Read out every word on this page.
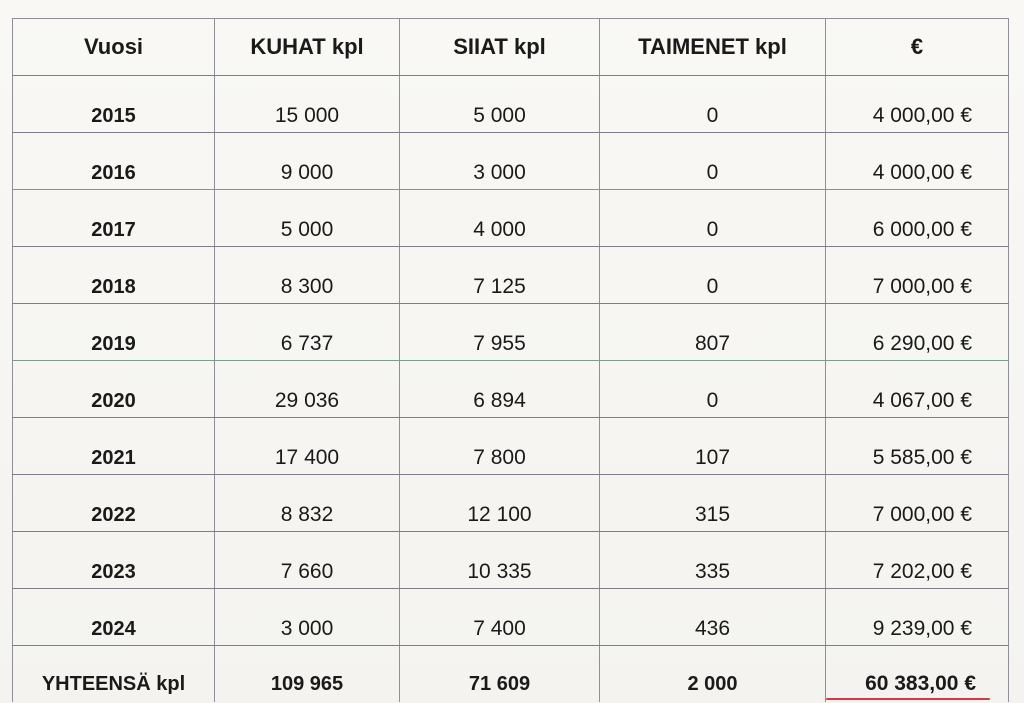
Vuosi	KUHAT kpl	SIIAT kpl	TAIMENET kpl	€
2015	15 000	5 000	0	4 000,00 €
2016	9 000	3 000	0	4 000,00 €
2017	5 000	4 000	0	6 000,00 €
2018	8 300	7 125	0	7 000,00 €
2019	6 737	7 955	807	6 290,00 €
2020	29 036	6 894	0	4 067,00 €
2021	17 400	7 800	107	5 585,00 €
2022	8 832	12 100	315	7 000,00 €
2023	7 660	10 335	335	7 202,00 €
2024	3 000	7 400	436	9 239,00 €
YHTEENSÄ kpl	109 965	71 609	2 000	60 383,00 €
